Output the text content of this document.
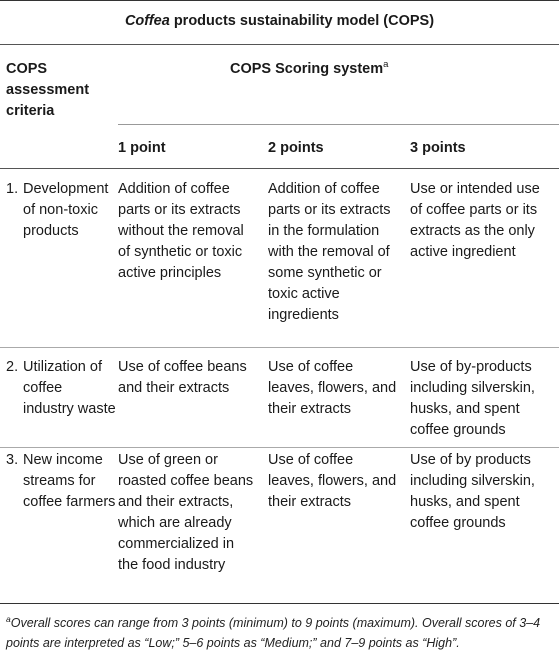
Coffea products sustainability model (COPS)
COPS assessment criteria
COPS Scoring system$^a$
1 point	2 points	3 points
1. Development of non-toxic products
Addition of coffee parts or its extracts without the removal of synthetic or toxic active principles
Addition of coffee parts or its extracts in the formulation with the removal of some synthetic or toxic active ingredients
Use or intended use of coffee parts or its extracts as the only active ingredient
2. Utilization of coffee industry waste
Use of coffee beans and their extracts
Use of coffee leaves, flowers, and their extracts
Use of by-products including silverskin, husks, and spent coffee grounds
3. New income streams for coffee farmers
Use of green or roasted coffee beans and their extracts, which are already commercialized in the food industry
Use of coffee leaves, flowers, and their extracts
Use of by products including silverskin, husks, and spent coffee grounds
$^a$Overall scores can range from 3 points (minimum) to 9 points (maximum). Overall scores of 3–4 points are interpreted as “Low;” 5–6 points as “Medium;” and 7–9 points as “High”.
